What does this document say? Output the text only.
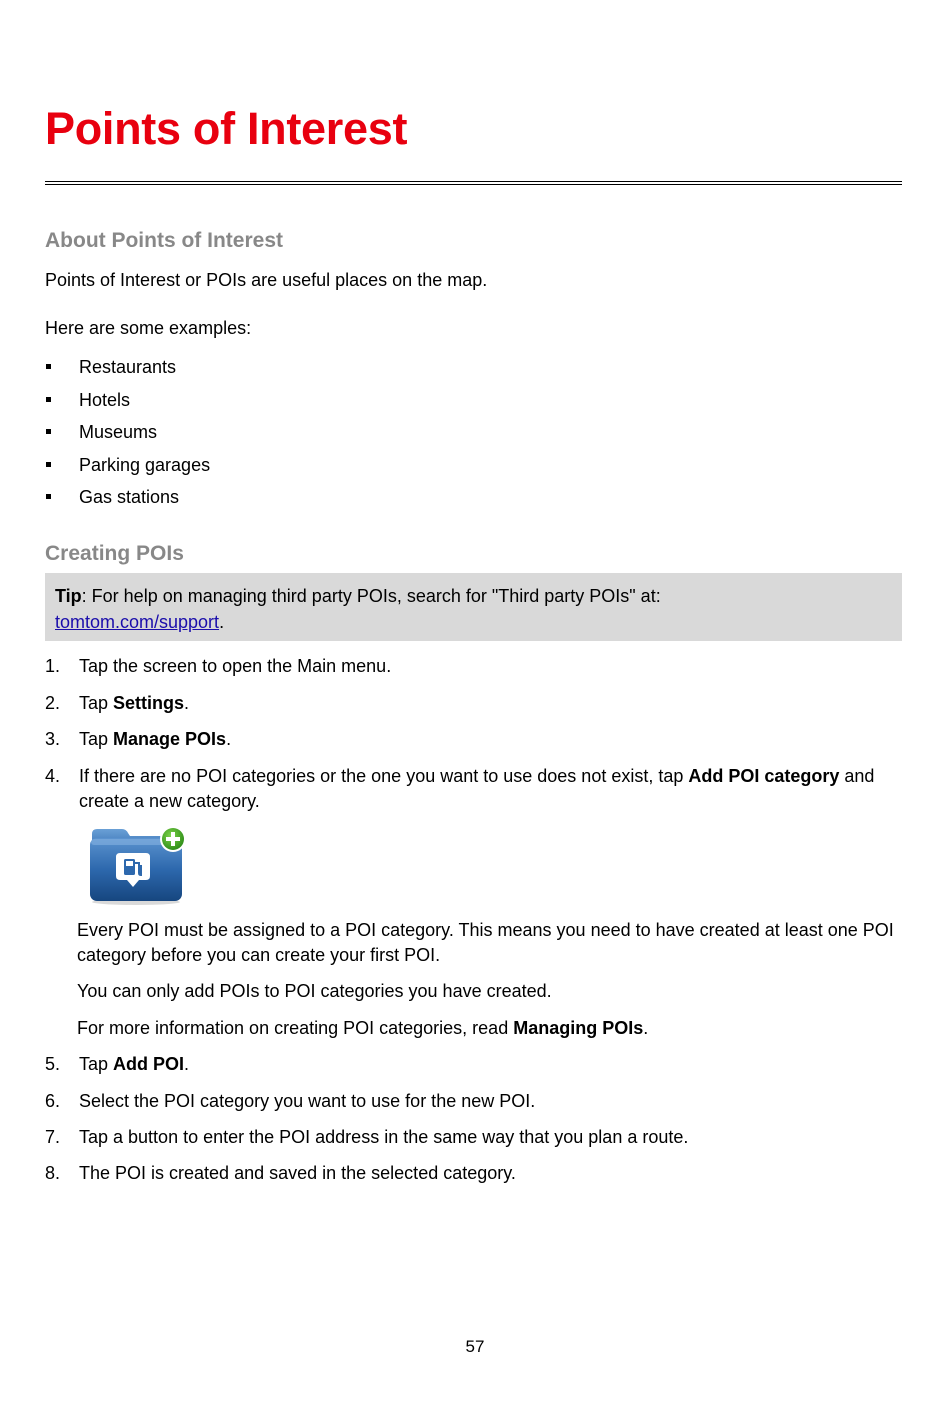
Points of Interest
About Points of Interest

Points of Interest or POIs are useful places on the map.

Here are some examples:

Restaurants
Hotels
Museums
Parking garages
Gas stations
Creating POIs
Tip: For help on managing third party POIs, search for "Third party POIs" at:
tomtom.com/support.
1. Tap the screen to open the Main menu.
2. Tap Settings.
3. Tap Manage POIs.
4. If there are no POI categories or the one you want to use does not exist, tap Add POI category and create a new category.

Every POI must be assigned to a POI category. This means you need to have created at least one POI category before you can create your first POI.

You can only add POIs to POI categories you have created.

For more information on creating POI categories, read Managing POIs.

5. Tap Add POI.
6. Select the POI category you want to use for the new POI.
7. Tap a button to enter the POI address in the same way that you plan a route.
8. The POI is created and saved in the selected category.
57
